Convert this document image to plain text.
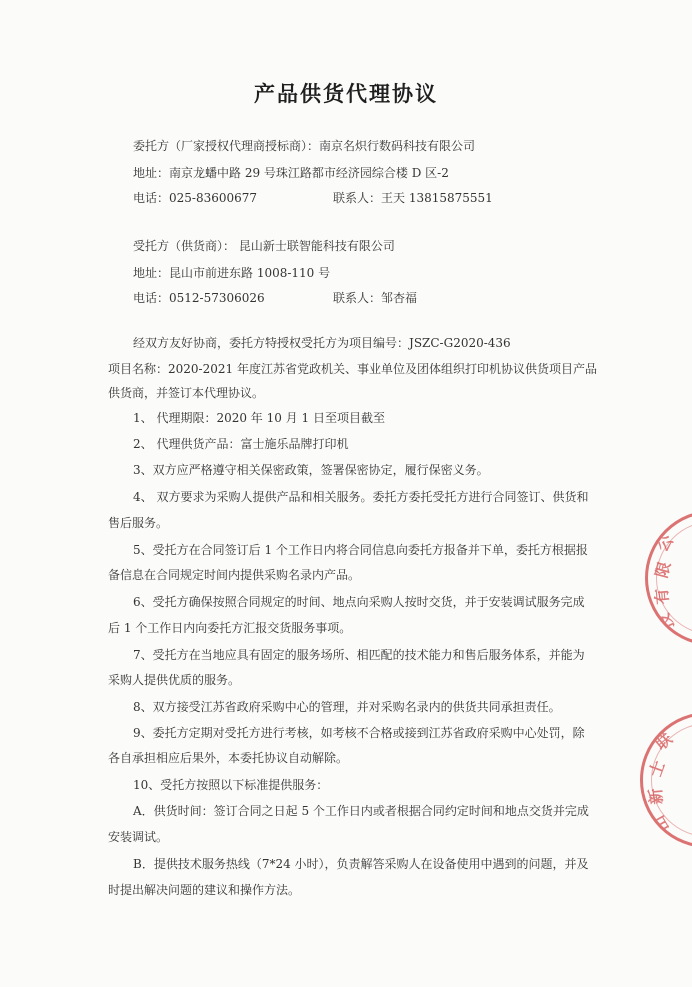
产品供货代理协议
委托方（厂家授权代理商授标商）：南京名炽行数码科技有限公司
地址：南京龙蟠中路 29 号珠江路都市经济园综合楼 D 区-2
电话：025-83600677	联系人：王天 13815875551
受托方（供货商）： 昆山新士联智能科技有限公司
地址：昆山市前进东路 1008-110 号
电话：0512-57306026	联系人：邹杏福
经双方友好协商，委托方特授权受托方为项目编号：JSZC-G2020-436
项目名称：2020-2021 年度江苏省党政机关、事业单位及团体组织打印机协议供货项目产品
供货商，并签订本代理协议。
1、 代理期限：2020 年 10 月 1 日至项目截至
2、 代理供货产品：富士施乐品牌打印机
3、双方应严格遵守相关保密政策，签署保密协定，履行保密义务。
4、 双方要求为采购人提供产品和相关服务。委托方委托受托方进行合同签订、供货和
售后服务。
5、受托方在合同签订后 1 个工作日内将合同信息向委托方报备并下单，委托方根据报
备信息在合同规定时间内提供采购名录内产品。
6、受托方确保按照合同规定的时间、地点向采购人按时交货，并于安装调试服务完成
后 1 个工作日内向委托方汇报交货服务事项。
7、受托方在当地应具有固定的服务场所、相匹配的技术能力和售后服务体系，并能为
采购人提供优质的服务。
8、双方接受江苏省政府采购中心的管理，并对采购名录内的供货共同承担责任。
9、委托方定期对受托方进行考核，如考核不合格或接到江苏省政府采购中心处罚，除
各自承担相应后果外，本委托协议自动解除。
10、受托方按照以下标准提供服务：
A．供货时间：签订合同之日起 5 个工作日内或者根据合同约定时间和地点交货并完成
安装调试。
B．提供技术服务热线（7*24 小时），负责解答采购人在设备使用中遇到的问题，并及
时提出解决问题的建议和操作方法。
公
限
有
技
联
士
新
山
